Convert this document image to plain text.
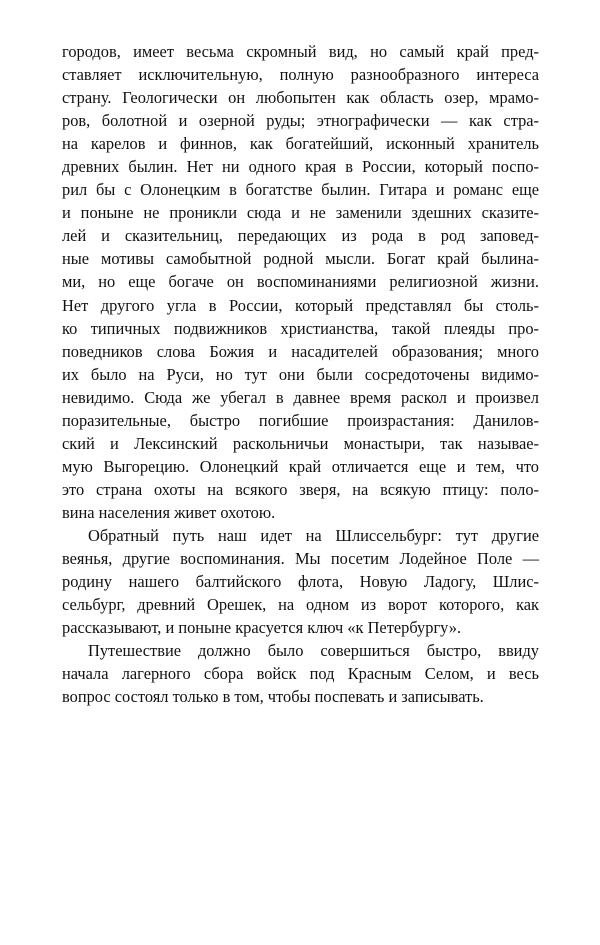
городов, имеет весьма скромный вид, но самый край пред-
ставляет исключительную, полную разнообразного интереса
страну. Геологически он любопытен как область озер, мрамо-
ров, болотной и озерной руды; этнографически — как стра-
на карелов и финнов, как богатейший, исконный хранитель
древних былин. Нет ни одного края в России, который поспо-
рил бы с Олонецким в богатстве былин. Гитара и романс еще
и поныне не проникли сюда и не заменили здешних сказите-
лей и сказительниц, передающих из рода в род заповед-
ные мотивы самобытной родной мысли. Богат край былина-
ми, но еще богаче он воспоминаниями религиозной жизни.
Нет другого угла в России, который представлял бы столь-
ко типичных подвижников христианства, такой плеяды про-
поведников слова Божия и насадителей образования; много
их было на Руси, но тут они были сосредоточены видимо-
невидимо. Сюда же убегал в давнее время раскол и произвел
поразительные, быстро погибшие произрастания: Данилов-
ский и Лексинский раскольничьи монастыри, так называе-
мую Выгорецию. Олонецкий край отличается еще и тем, что
это страна охоты на всякого зверя, на всякую птицу: поло-
вина населения живет охотою.

Обратный путь наш идет на Шлиссельбург: тут другие
веянья, другие воспоминания. Мы посетим Лодейное Поле —
родину нашего балтийского флота, Новую Ладогу, Шлис-
сельбург, древний Орешек, на одном из ворот которого, как
рассказывают, и поныне красуется ключ «к Петербургу».

Путешествие должно было совершиться быстро, ввиду
начала лагерного сбора войск под Красным Селом, и весь
вопрос состоял только в том, чтобы поспевать и записывать.
